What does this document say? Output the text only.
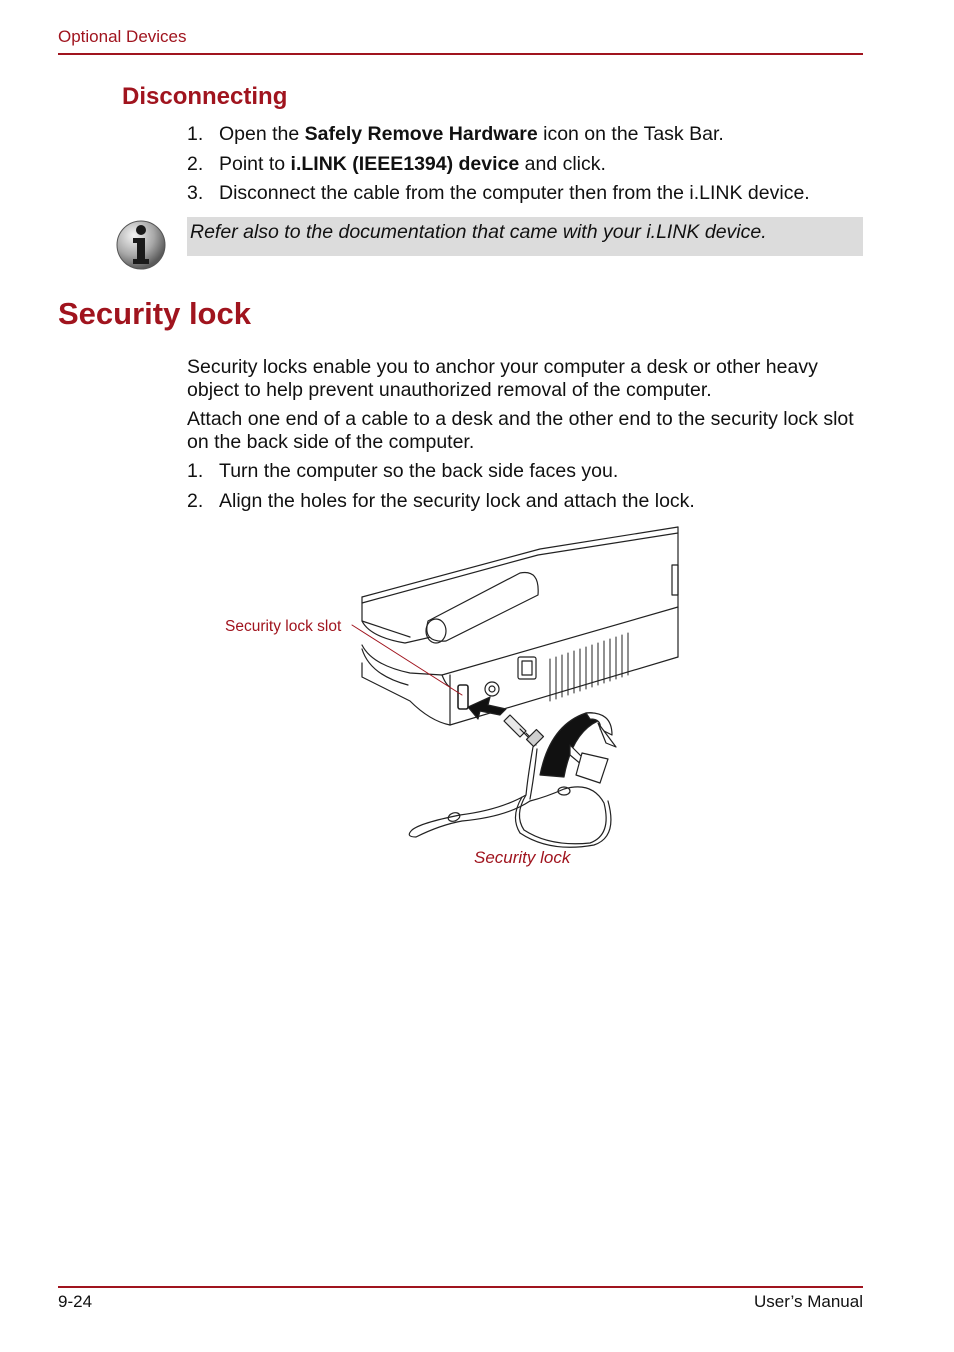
Optional Devices
Disconnecting
1. Open the Safely Remove Hardware icon on the Task Bar.
2. Point to i.LINK (IEEE1394) device and click.
3. Disconnect the cable from the computer then from the i.LINK device.
Refer also to the documentation that came with your i.LINK device.
Security lock
Security locks enable you to anchor your computer a desk or other heavy object to help prevent unauthorized removal of the computer.
Attach one end of a cable to a desk and the other end to the security lock slot on the back side of the computer.
1. Turn the computer so the back side faces you.
2. Align the holes for the security lock and attach the lock.
Security lock slot
Security lock
9-24	User’s Manual
